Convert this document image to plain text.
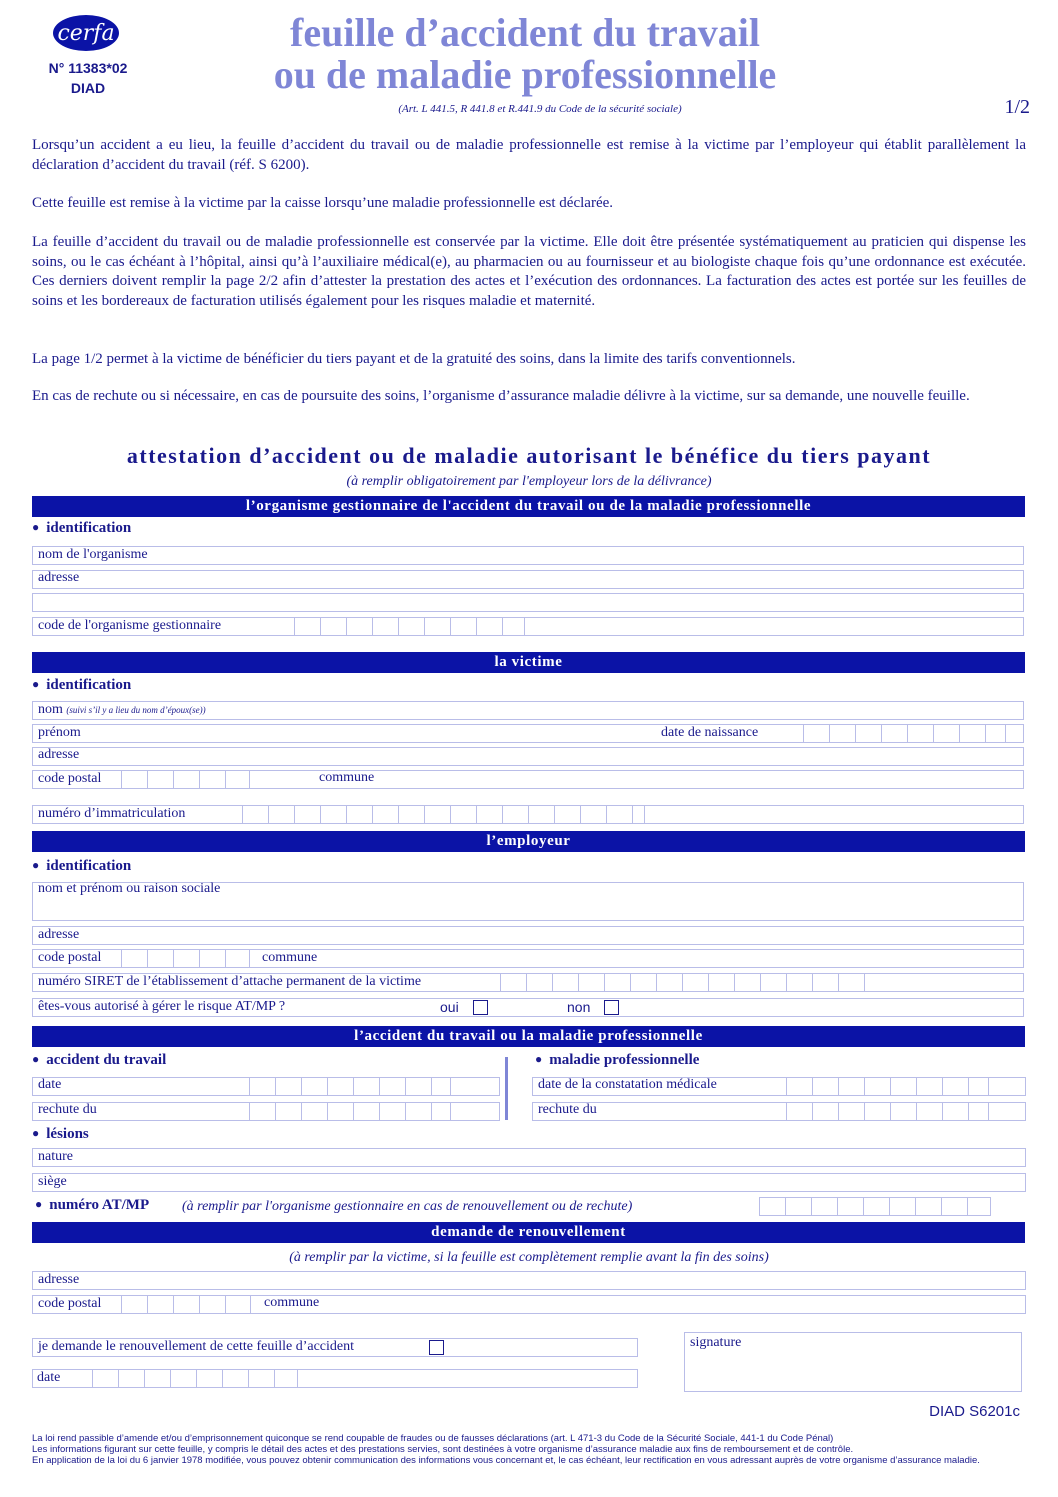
cerfa
N° 11383*02
DIAD
feuille d’accident du travail
ou de maladie professionnelle
(Art. L 441.5, R 441.8 et R.441.9 du Code de la sécurité sociale)	1/2
Lorsqu’un accident a eu lieu, la feuille d’accident du travail ou de maladie professionnelle est remise à la victime par l’employeur qui établit parallèlement la déclaration d’accident du travail (réf. S 6200).
Cette feuille est remise à la victime par la caisse lorsqu’une maladie professionnelle est déclarée.
La feuille d’accident du travail ou de maladie professionnelle est conservée par la victime. Elle doit être présentée systématiquement au praticien qui dispense les soins, ou le cas échéant à l’hôpital, ainsi qu’à l’auxiliaire médical(e), au pharmacien ou au fournisseur et au biologiste chaque fois qu’une ordonnance est exécutée. Ces derniers doivent remplir la page 2/2 afin d’attester la prestation des actes et l’exécution des ordonnances. La facturation des actes est portée sur les feuilles de soins et les bordereaux de facturation utilisés également pour les risques maladie et maternité.
La page 1/2 permet à la victime de bénéficier du tiers payant et de la gratuité des soins, dans la limite des tarifs conventionnels.
En cas de rechute ou si nécessaire, en cas de poursuite des soins, l’organisme d’assurance maladie délivre à la victime, sur sa demande, une nouvelle feuille.
attestation d’accident ou de maladie autorisant le bénéfice du tiers payant
(à remplir obligatoirement par l'employeur lors de la délivrance)
l’organisme gestionnaire de l'accident du travail ou de la maladie professionnelle
● identification
nom de l'organisme
adresse
code de l'organisme gestionnaire
la victime
● identification
nom (suivi s’il y a lieu du nom d’époux(se))
prénom	date de naissance
adresse
code postal	commune
numéro d’immatriculation
l’employeur
● identification
nom et prénom ou raison sociale
adresse
code postal	commune
numéro SIRET de l’établissement d’attache permanent de la victime
êtes-vous autorisé à gérer le risque AT/MP ?	oui	non
l’accident du travail ou la maladie professionnelle
● accident du travail
●	maladie professionnelle
date
rechute du
date de la constatation médicale
rechute du
● lésions
nature
siège
● numéro AT/MP (à remplir par l'organisme gestionnaire en cas de renouvellement ou de rechute)
demande de renouvellement
(à remplir par la victime, si la feuille est complètement remplie avant la fin des soins)
adresse
code postal	commune
je demande le renouvellement de cette feuille d’accident
date
signature
DIAD S6201c
La loi rend passible d’amende et/ou d’emprisonnement quiconque se rend coupable de fraudes ou de fausses déclarations (art. L 471-3 du Code de la Sécurité Sociale, 441-1 du Code Pénal)
Les informations figurant sur cette feuille, y compris le détail des actes et des prestations servies, sont destinées à votre organisme d’assurance maladie aux fins de remboursement et de contrôle.
En application de la loi du 6 janvier 1978 modifiée, vous pouvez obtenir communication des informations vous concernant et, le cas échéant, leur rectification en vous adressant auprès de votre organisme d’assurance maladie.
